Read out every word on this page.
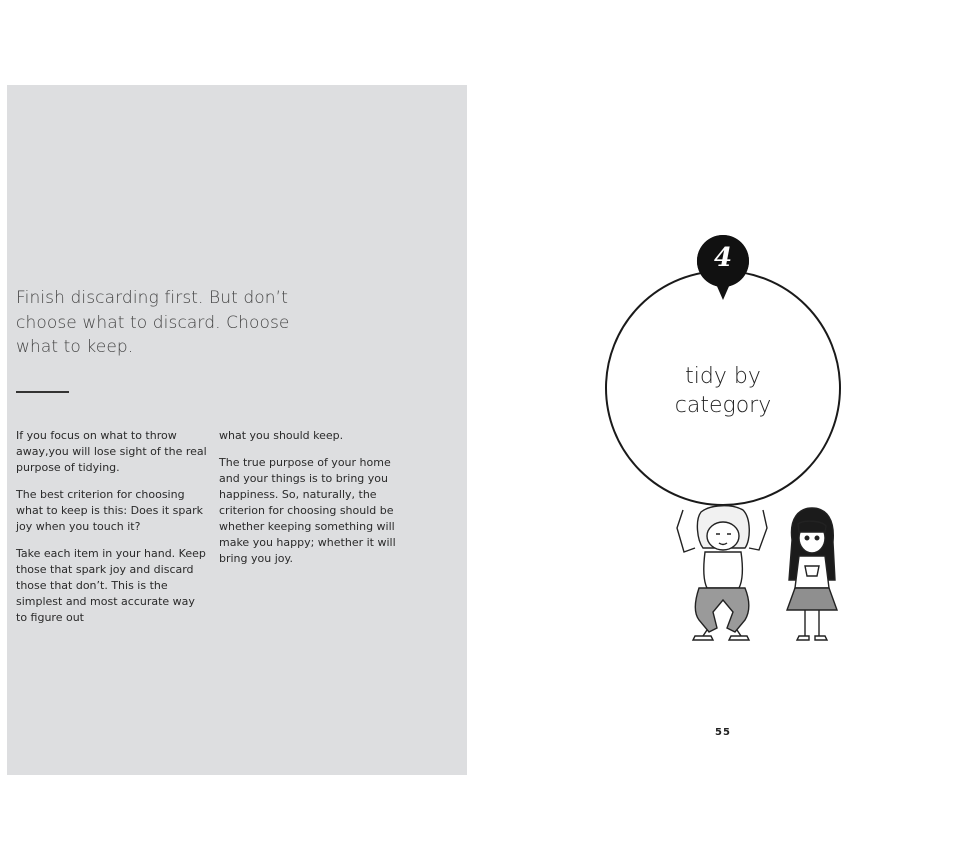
Finish discarding first. But don’t choose what to discard. Choose what to keep.

If you focus on what to throw away,you will lose sight of the real purpose of tidying.

The best criterion for choosing what to keep is this: Does it spark joy when you touch it?

Take each item in your hand. Keep those that spark joy and discard those that don’t. This is the simplest and most accurate way to figure out

what you should keep.

The true purpose of your home and your things is to bring you happiness. So, naturally, the criterion for choosing should be whether keeping something will make you happy; whether it will bring you joy.

4
tidy by
category
55
